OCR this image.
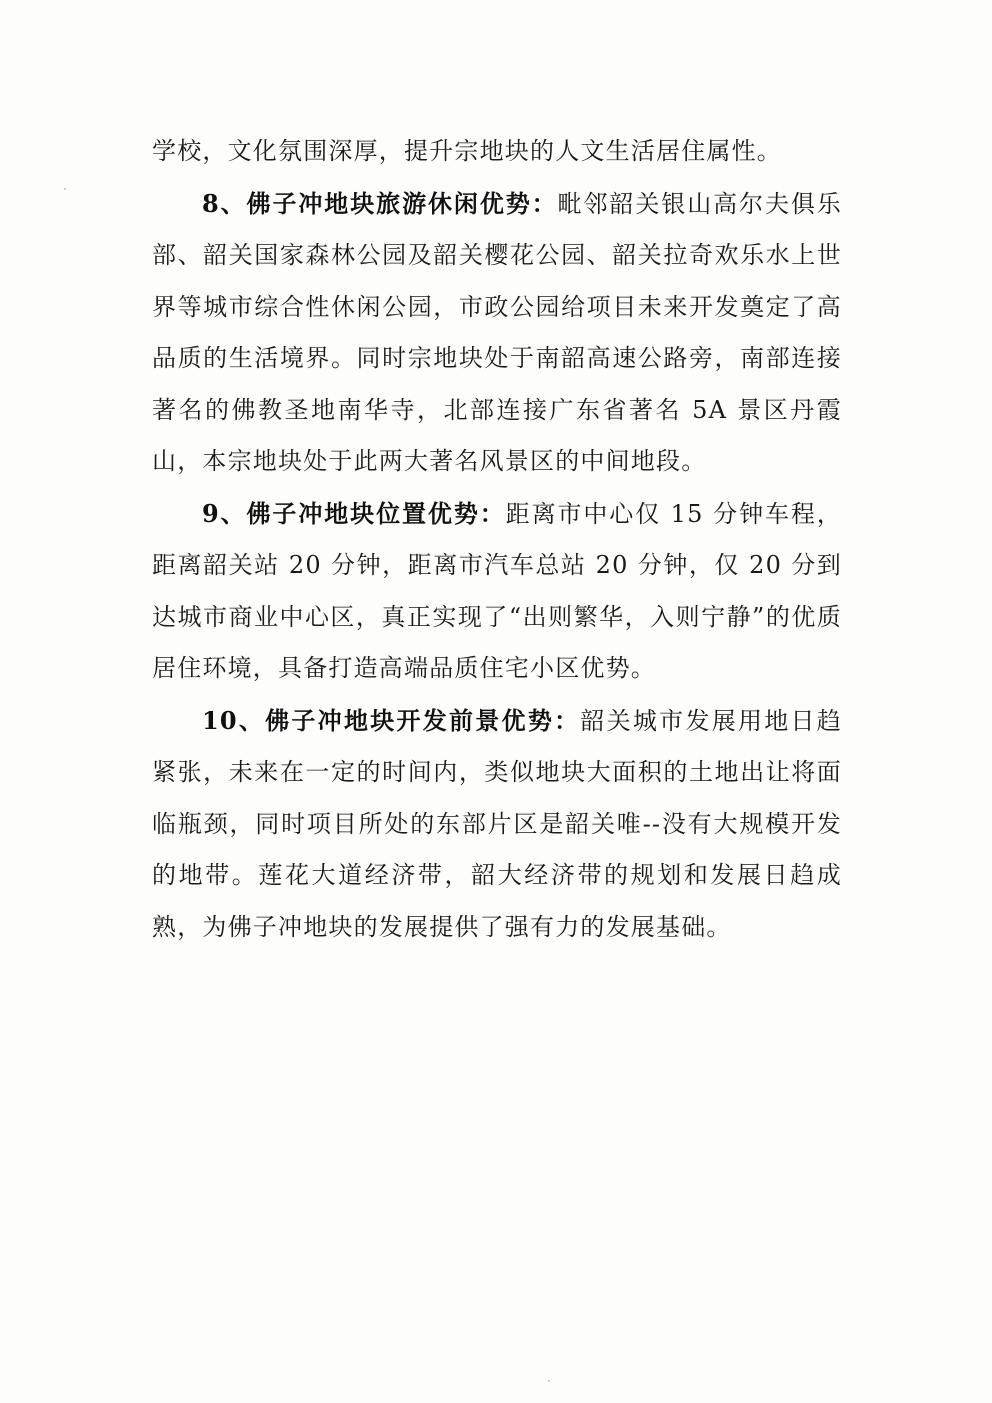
学校，文化氛围深厚，提升宗地块的人文生活居住属性。

8、佛子冲地块旅游休闲优势：毗邻韶关银山高尔夫俱乐部、韶关国家森林公园及韶关樱花公园、韶关拉奇欢乐水上世界等城市综合性休闲公园，市政公园给项目未来开发奠定了高品质的生活境界。同时宗地块处于南韶高速公路旁，南部连接著名的佛教圣地南华寺，北部连接广东省著名 5A 景区丹霞山，本宗地块处于此两大著名风景区的中间地段。

9、佛子冲地块位置优势：距离市中心仅 15 分钟车程，距离韶关站 20 分钟，距离市汽车总站 20 分钟，仅 20 分到达城市商业中心区，真正实现了“出则繁华，入则宁静”的优质居住环境，具备打造高端品质住宅小区优势。

10、佛子冲地块开发前景优势：韶关城市发展用地日趋紧张，未来在一定的时间内，类似地块大面积的土地出让将面临瓶颈，同时项目所处的东部片区是韶关唯--没有大规模开发的地带。莲花大道经济带，韶大经济带的规划和发展日趋成熟，为佛子冲地块的发展提供了强有力的发展基础。
